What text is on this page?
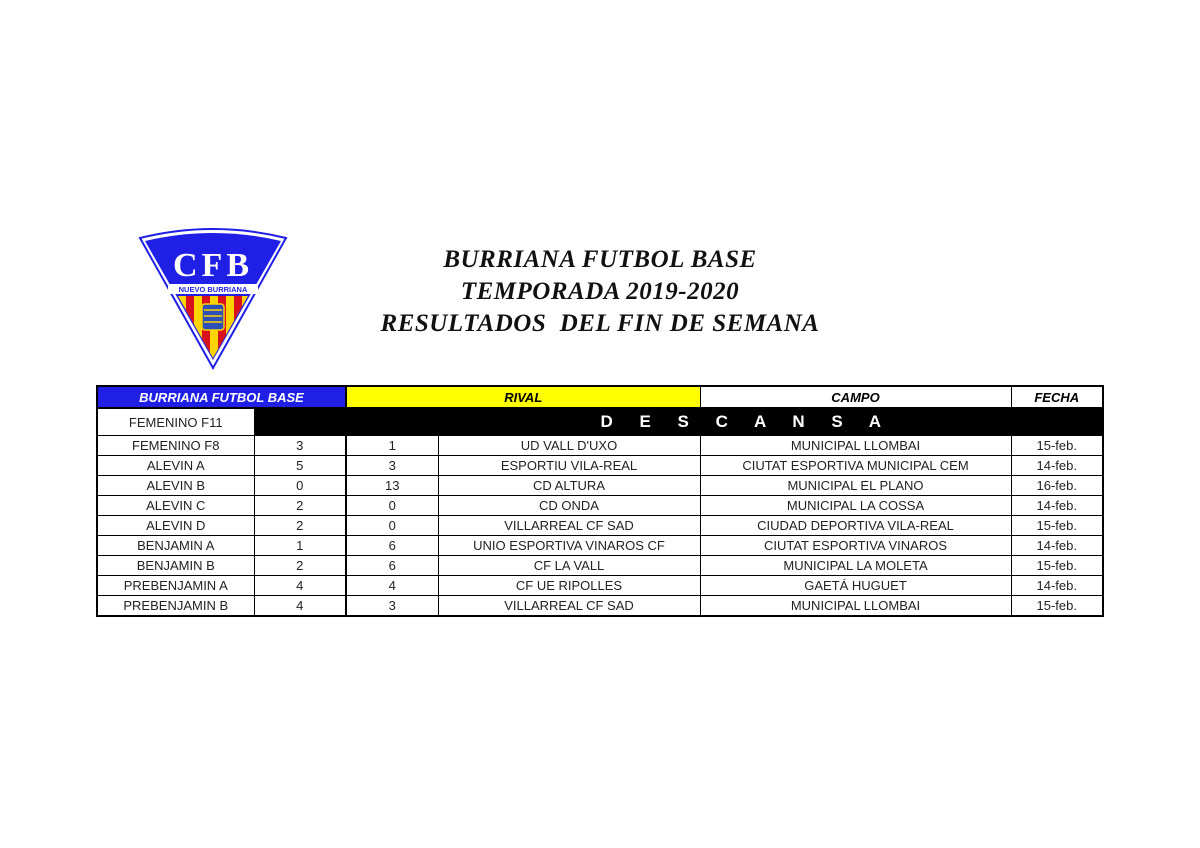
NUEVO BURRIANA
CFB	BURRIANA FUTBOL BASE
TEMPORADA 2019-2020
RESULTADOS  DEL FIN DE SEMANA
BURRIANA FUTBOL BASE		RIVAL		CAMPO	FECHA
FEMENINO F11	D E S C A N S A				
FEMENINO F8	3	1	UD VALL D'UXO	MUNICIPAL LLOMBAI	15-feb.
ALEVIN A	5	3	ESPORTIU VILA-REAL	CIUTAT ESPORTIVA MUNICIPAL CEM	14-feb.
ALEVIN B	0	13	CD ALTURA	MUNICIPAL EL PLANO	16-feb.
ALEVIN C	2	0	CD ONDA	MUNICIPAL LA COSSA	14-feb.
ALEVIN D	2	0	VILLARREAL CF SAD	CIUDAD DEPORTIVA VILA-REAL	15-feb.
BENJAMIN A	1	6	UNIO ESPORTIVA VINAROS CF	CIUTAT ESPORTIVA VINAROS	14-feb.
BENJAMIN B	2	6	CF LA VALL	MUNICIPAL LA MOLETA	15-feb.
PREBENJAMIN A	4	4	CF UE RIPOLLES	GAETÁ HUGUET	14-feb.
PREBENJAMIN B	4	3	VILLARREAL CF SAD	MUNICIPAL LLOMBAI	15-feb.
